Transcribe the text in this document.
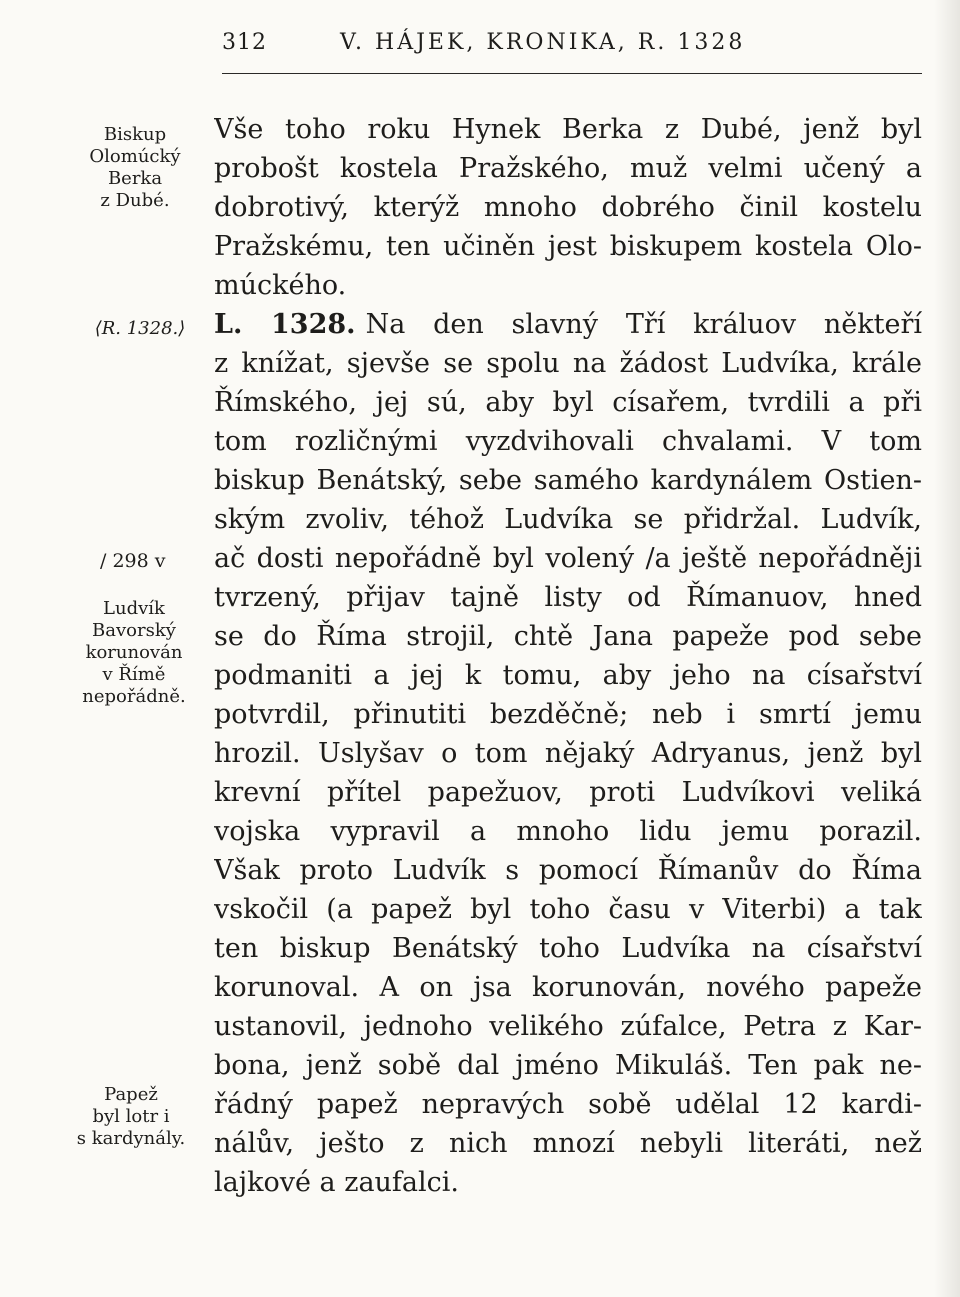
312	V. HÁJEK, KRONIKA, R. 1328
Biskup
Olomúcký
Berka
z Dubé.
⟨R. 1328.⟩
/ 298 v
Ludvík
Bavorský
korunován
v Římě
nepořádně.
Papež
byl lotr i
s kardynály.
Vše toho roku Hynek Berka z Dubé, jenž byl
probošt kostela Pražského, muž velmi učený a
dobrotivý, kterýž mnoho dobrého činil kostelu
Pražskému, ten učiněn jest biskupem kostela Olo-
múckého.
L. 1328. Na den slavný Tří králuov někteří
z knížat, sjevše se spolu na žádost Ludvíka, krále
Římského, jej sú, aby byl císařem, tvrdili a při
tom rozličnými vyzdvihovali chvalami. V tom
biskup Benátský, sebe samého kardynálem Ostien-
ským zvoliv, téhož Ludvíka se přidržal. Ludvík,
ač dosti nepořádně byl volený /a ještě nepořádněji
tvrzený, přijav tajně listy od Římanuov, hned
se do Říma strojil, chtě Jana papeže pod sebe
podmaniti a jej k tomu, aby jeho na císařství
potvrdil, přinutiti bezděčně; neb i smrtí jemu
hrozil. Uslyšav o tom nějaký Adryanus, jenž byl
krevní přítel papežuov, proti Ludvíkovi veliká
vojska vypravil a mnoho lidu jemu porazil.
Však proto Ludvík s pomocí Římanův do Říma
vskočil (a papež byl toho času v Viterbi) a tak
ten biskup Benátský toho Ludvíka na císařství
korunoval. A on jsa korunován, nového papeže
ustanovil, jednoho velikého zúfalce, Petra z Kar-
bona, jenž sobě dal jméno Mikuláš. Ten pak ne-
řádný papež nepravých sobě udělal 12 kardi-
nálův, ješto z nich mnozí nebyli literáti, než
lajkové a zaufalci.
